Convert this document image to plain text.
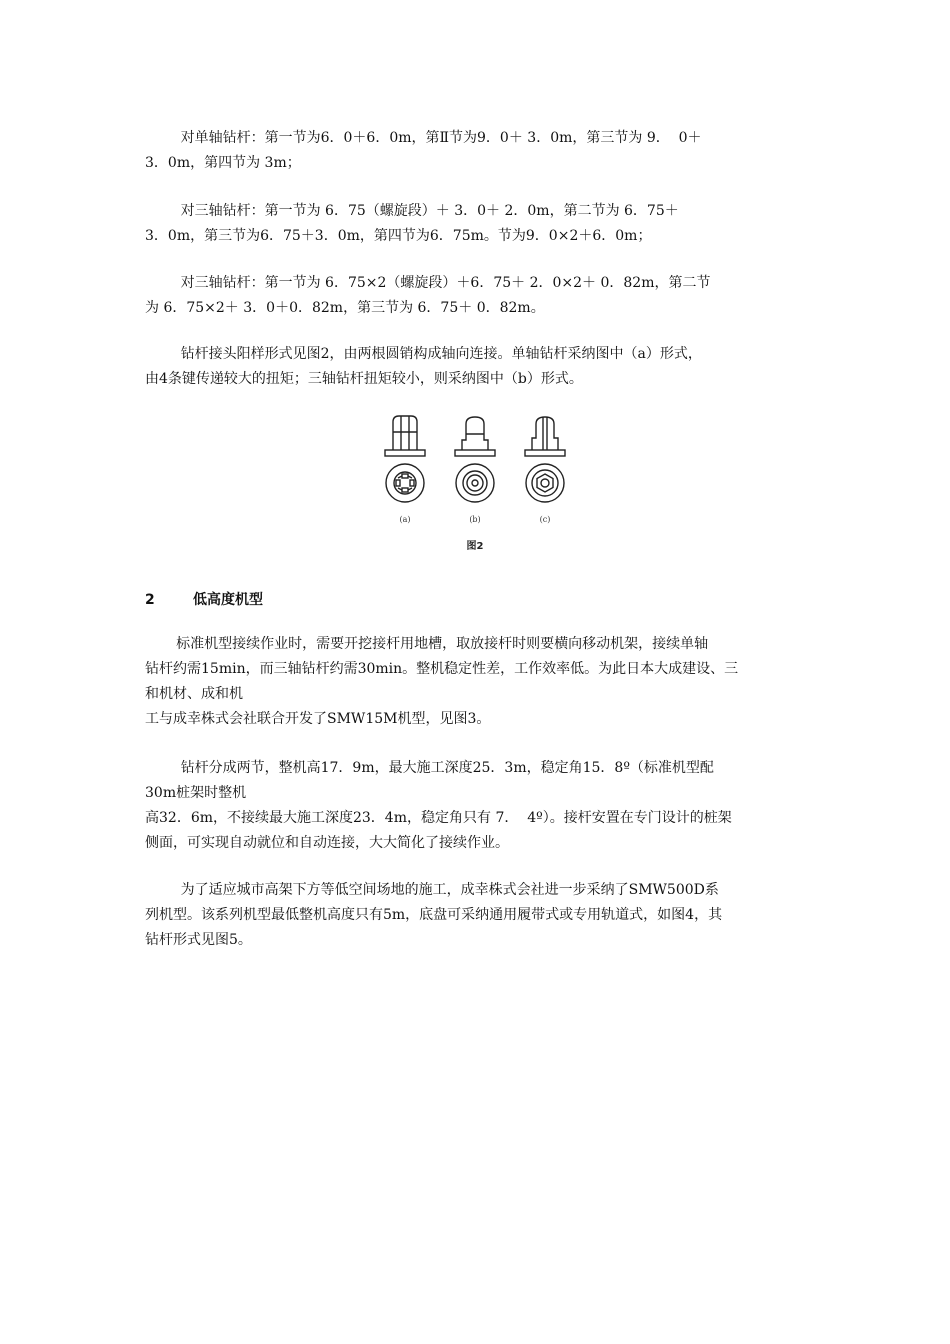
对单轴钻杆：第一节为6．0＋6．0m，第Ⅱ节为9．0＋ 3．0m，第三节为 9．  0＋
3．0m，第四节为 3m；

对三轴钻杆：第一节为 6．75（螺旋段）＋ 3．0＋ 2．0m，第二节为 6．75＋
3．0m，第三节为6．75＋3．0m，第四节为6．75m。节为9．0×2＋6．0m；

对三轴钻杆：第一节为 6．75×2（螺旋段）＋6．75＋ 2．0×2＋ 0．82m，第二节
为 6．75×2＋ 3．0＋0．82m，第三节为 6．75＋ 0．82m。

钻杆接头阳样形式见图2，由两根圆销构成轴向连接。单轴钻杆采纳图中（a）形式，
由4条键传递较大的扭矩；三轴钻杆扭矩较小，则采纳图中（b）形式。

(a)	(b)	(c)
图2
2	低高度机型

标准机型接续作业时，需要开挖接杆用地槽，取放接杆时则要横向移动机架，接续单轴
钻杆约需15min，而三轴钻杆约需30min。整机稳定性差，工作效率低。为此日本大成建设、三
和机材、成和机
工与成幸株式会社联合开发了SMW15M机型，见图3。

钻杆分成两节，整机高17．9m，最大施工深度25．3m，稳定角15．8º（标准机型配
30m桩架时整机
高32．6m，不接续最大施工深度23．4m，稳定角只有 7．  4º）。接杆安置在专门设计的桩架
侧面，可实现自动就位和自动连接，大大简化了接续作业。

为了适应城市高架下方等低空间场地的施工，成幸株式会社进一步采纳了SMW500D系
列机型。该系列机型最低整机高度只有5m，底盘可采纳通用履带式或专用轨道式，如图4，其
钻杆形式见图5。
